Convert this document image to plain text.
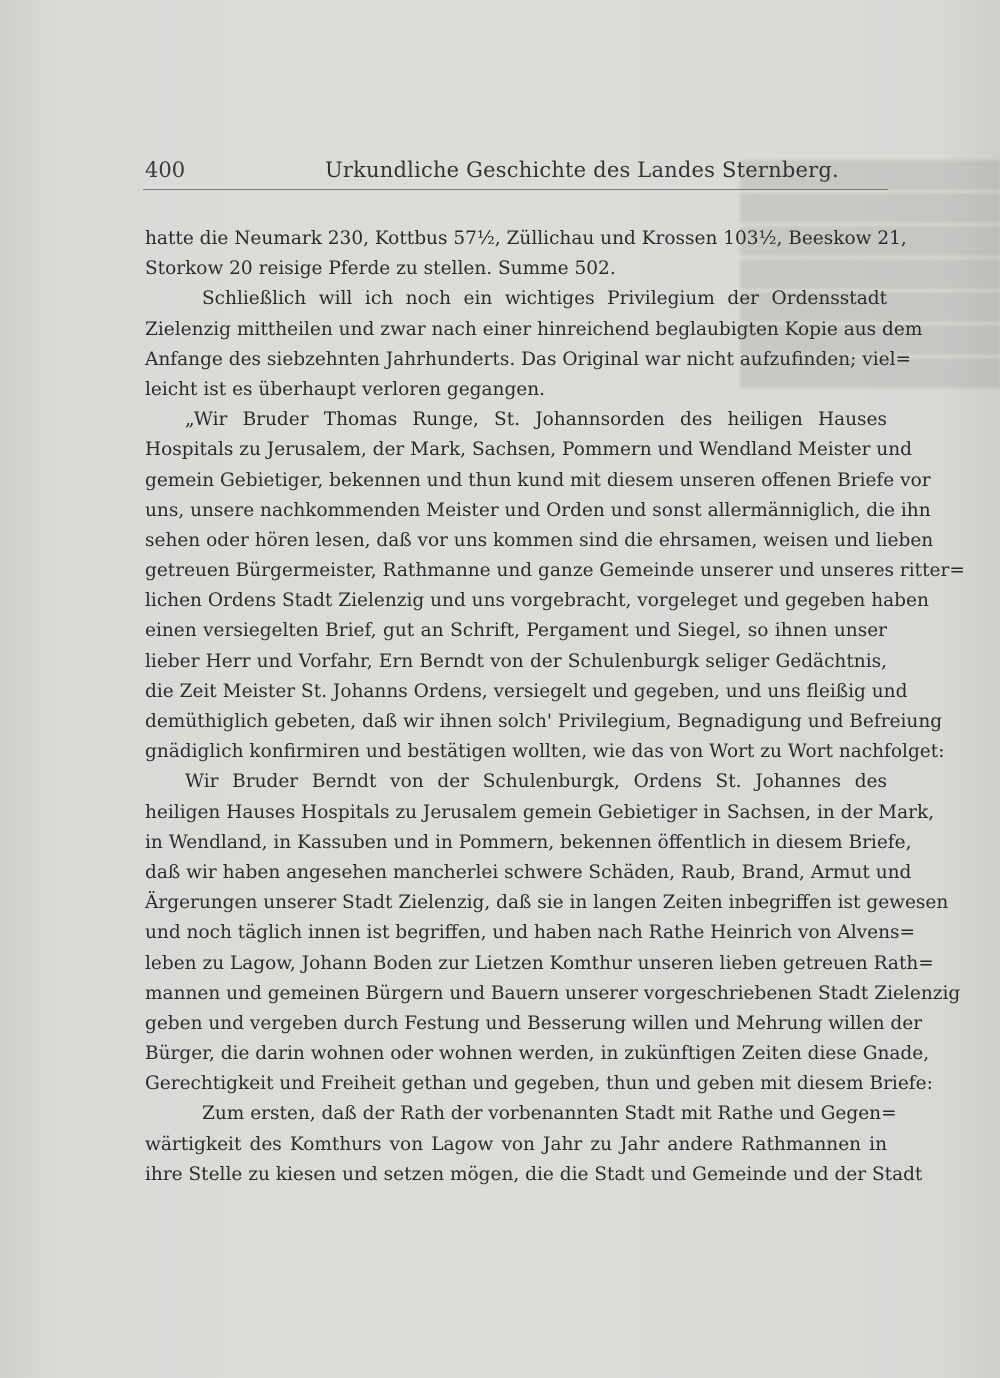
400	Urkundliche Geschichte des Landes Sternberg.
hatte die Neumark 230, Kottbus 57½, Züllichau und Krossen 103½, Beeskow 21,
Storkow 20 reisige Pferde zu stellen. Summe 502.
Schließlich will ich noch ein wichtiges Privilegium der Ordensstadt
Zielenzig mittheilen und zwar nach einer hinreichend beglaubigten Kopie aus dem
Anfange des siebzehnten Jahrhunderts. Das Original war nicht aufzufinden; viel=
leicht ist es überhaupt verloren gegangen.
„Wir Bruder Thomas Runge, St. Johannsorden des heiligen Hauses
Hospitals zu Jerusalem, der Mark, Sachsen, Pommern und Wendland Meister und
gemein Gebietiger, bekennen und thun kund mit diesem unseren offenen Briefe vor
uns, unsere nachkommenden Meister und Orden und sonst allermänniglich, die ihn
sehen oder hören lesen, daß vor uns kommen sind die ehrsamen, weisen und lieben
getreuen Bürgermeister, Rathmanne und ganze Gemeinde unserer und unseres ritter=
lichen Ordens Stadt Zielenzig und uns vorgebracht, vorgeleget und gegeben haben
einen versiegelten Brief, gut an Schrift, Pergament und Siegel, so ihnen unser
lieber Herr und Vorfahr, Ern Berndt von der Schulenburgk seliger Gedächtnis,
die Zeit Meister St. Johanns Ordens, versiegelt und gegeben, und uns fleißig und
demüthiglich gebeten, daß wir ihnen solch' Privilegium, Begnadigung und Befreiung
gnädiglich konfirmiren und bestätigen wollten, wie das von Wort zu Wort nachfolget:
Wir Bruder Berndt von der Schulenburgk, Ordens St. Johannes des
heiligen Hauses Hospitals zu Jerusalem gemein Gebietiger in Sachsen, in der Mark,
in Wendland, in Kassuben und in Pommern, bekennen öffentlich in diesem Briefe,
daß wir haben angesehen mancherlei schwere Schäden, Raub, Brand, Armut und
Ärgerungen unserer Stadt Zielenzig, daß sie in langen Zeiten inbegriffen ist gewesen
und noch täglich innen ist begriffen, und haben nach Rathe Heinrich von Alvens=
leben zu Lagow, Johann Boden zur Lietzen Komthur unseren lieben getreuen Rath=
mannen und gemeinen Bürgern und Bauern unserer vorgeschriebenen Stadt Zielenzig
geben und vergeben durch Festung und Besserung willen und Mehrung willen der
Bürger, die darin wohnen oder wohnen werden, in zukünftigen Zeiten diese Gnade,
Gerechtigkeit und Freiheit gethan und gegeben, thun und geben mit diesem Briefe:
Zum ersten, daß der Rath der vorbenannten Stadt mit Rathe und Gegen=
wärtigkeit des Komthurs von Lagow von Jahr zu Jahr andere Rathmannen in
ihre Stelle zu kiesen und setzen mögen, die die Stadt und Gemeinde und der Stadt
